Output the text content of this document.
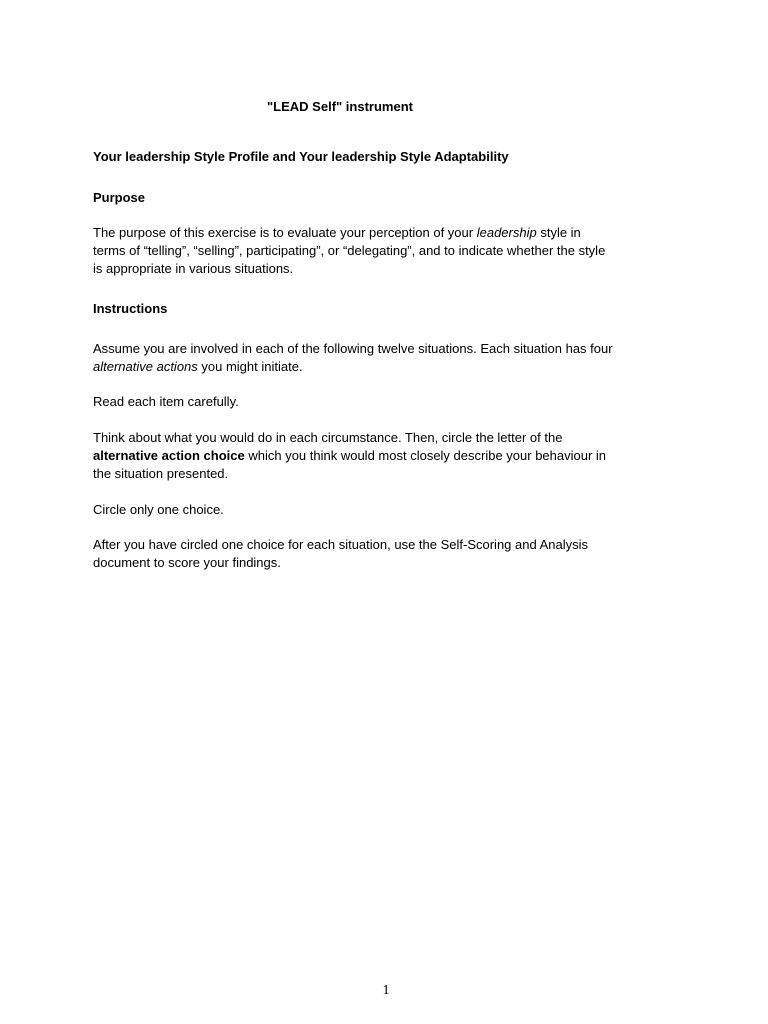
"LEAD Self" instrument

Your leadership Style Profile and Your leadership Style Adaptability

Purpose

The purpose of this exercise is to evaluate your perception of your leadership style in terms of “telling”, “selling”, participating”, or “delegating”, and to indicate whether the style is appropriate in various situations.

Instructions

Assume you are involved in each of the following twelve situations. Each situation has four alternative actions you might initiate.

Read each item carefully.

Think about what you would do in each circumstance. Then, circle the letter of the alternative action choice which you think would most closely describe your behaviour in the situation presented.

Circle only one choice.

After you have circled one choice for each situation, use the Self-Scoring and Analysis document to score your findings.

1
